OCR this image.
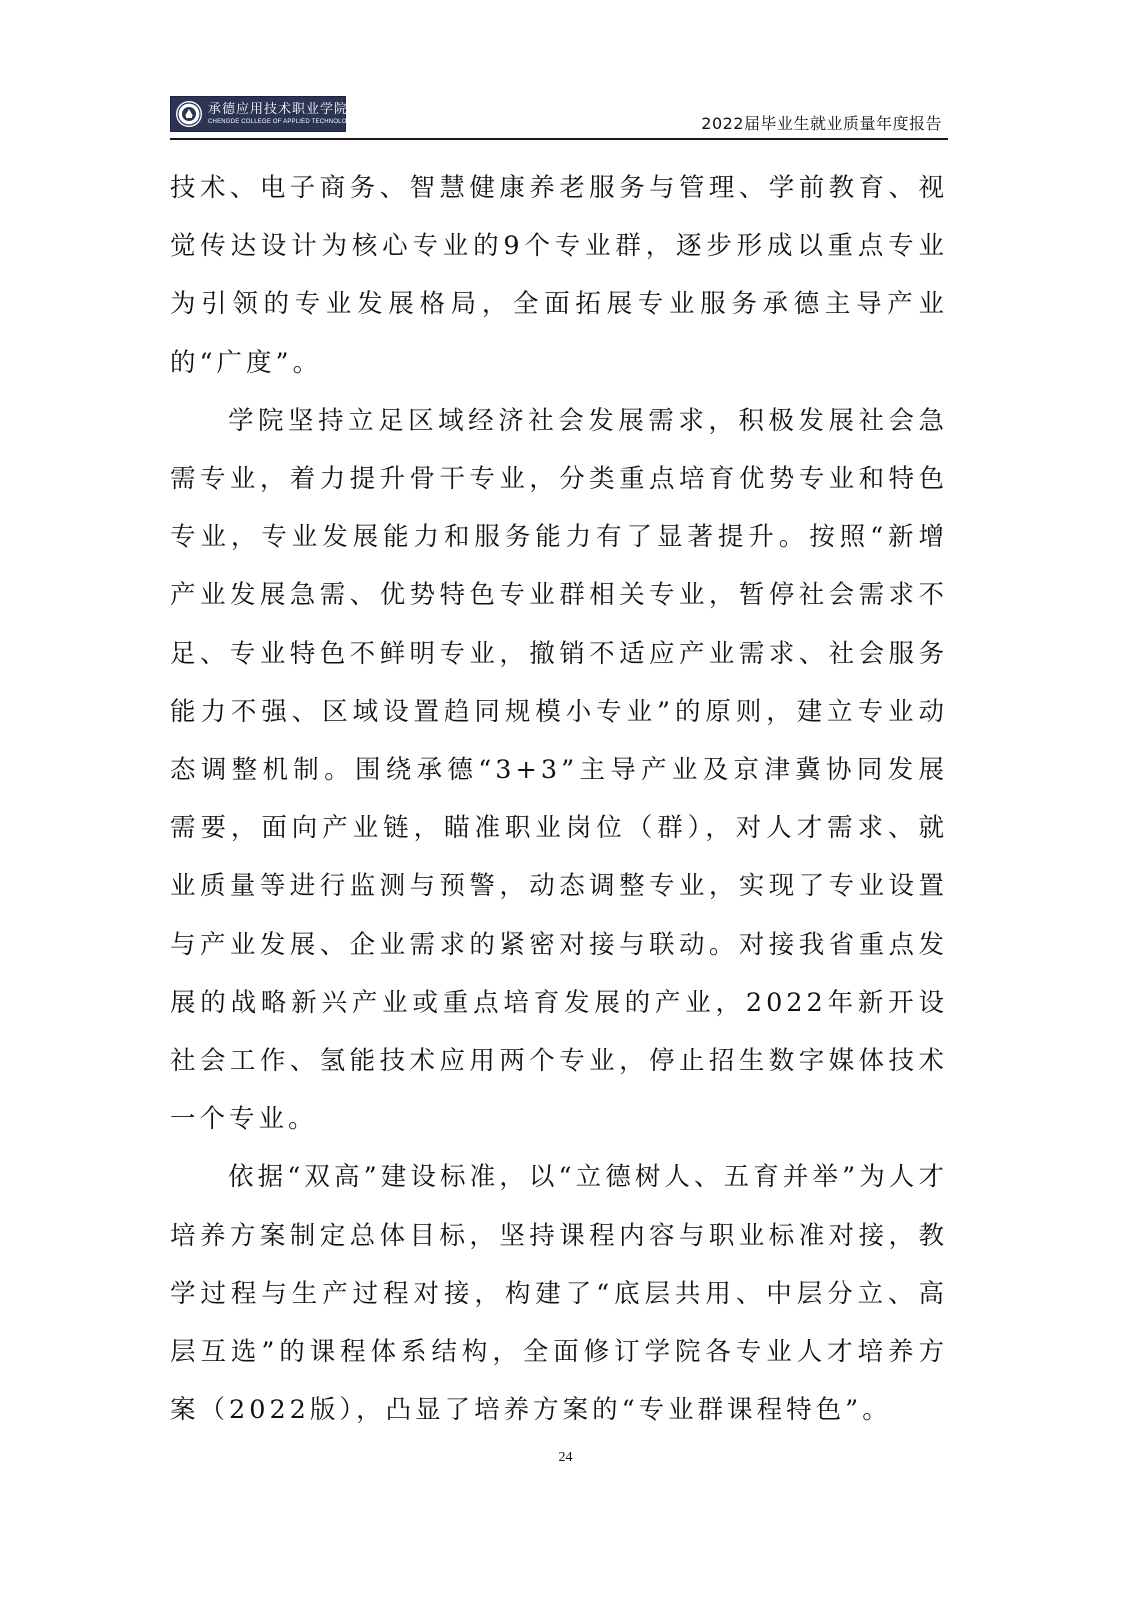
承德应用技术职业学院
CHENGDE COLLEGE OF APPLIED TECHNOLOGY	2022届毕业生就业质量年度报告

技术、电子商务、智慧健康养老服务与管理、学前教育、视觉传达设计为核心专业的9个专业群，逐步形成以重点专业为引领的专业发展格局，全面拓展专业服务承德主导产业的“广度”。

学院坚持立足区域经济社会发展需求，积极发展社会急需专业，着力提升骨干专业，分类重点培育优势专业和特色专业，专业发展能力和服务能力有了显著提升。按照“新增产业发展急需、优势特色专业群相关专业，暂停社会需求不足、专业特色不鲜明专业，撤销不适应产业需求、社会服务能力不强、区域设置趋同规模小专业”的原则，建立专业动态调整机制。围绕承德“3+3”主导产业及京津冀协同发展需要，面向产业链，瞄准职业岗位（群），对人才需求、就业质量等进行监测与预警，动态调整专业，实现了专业设置与产业发展、企业需求的紧密对接与联动。对接我省重点发展的战略新兴产业或重点培育发展的产业，2022年新开设社会工作、氢能技术应用两个专业，停止招生数字媒体技术一个专业。

依据“双高”建设标准，以“立德树人、五育并举”为人才培养方案制定总体目标，坚持课程内容与职业标准对接，教学过程与生产过程对接，构建了“底层共用、中层分立、高层互选”的课程体系结构，全面修订学院各专业人才培养方案（2022版），凸显了培养方案的“专业群课程特色”。

24
